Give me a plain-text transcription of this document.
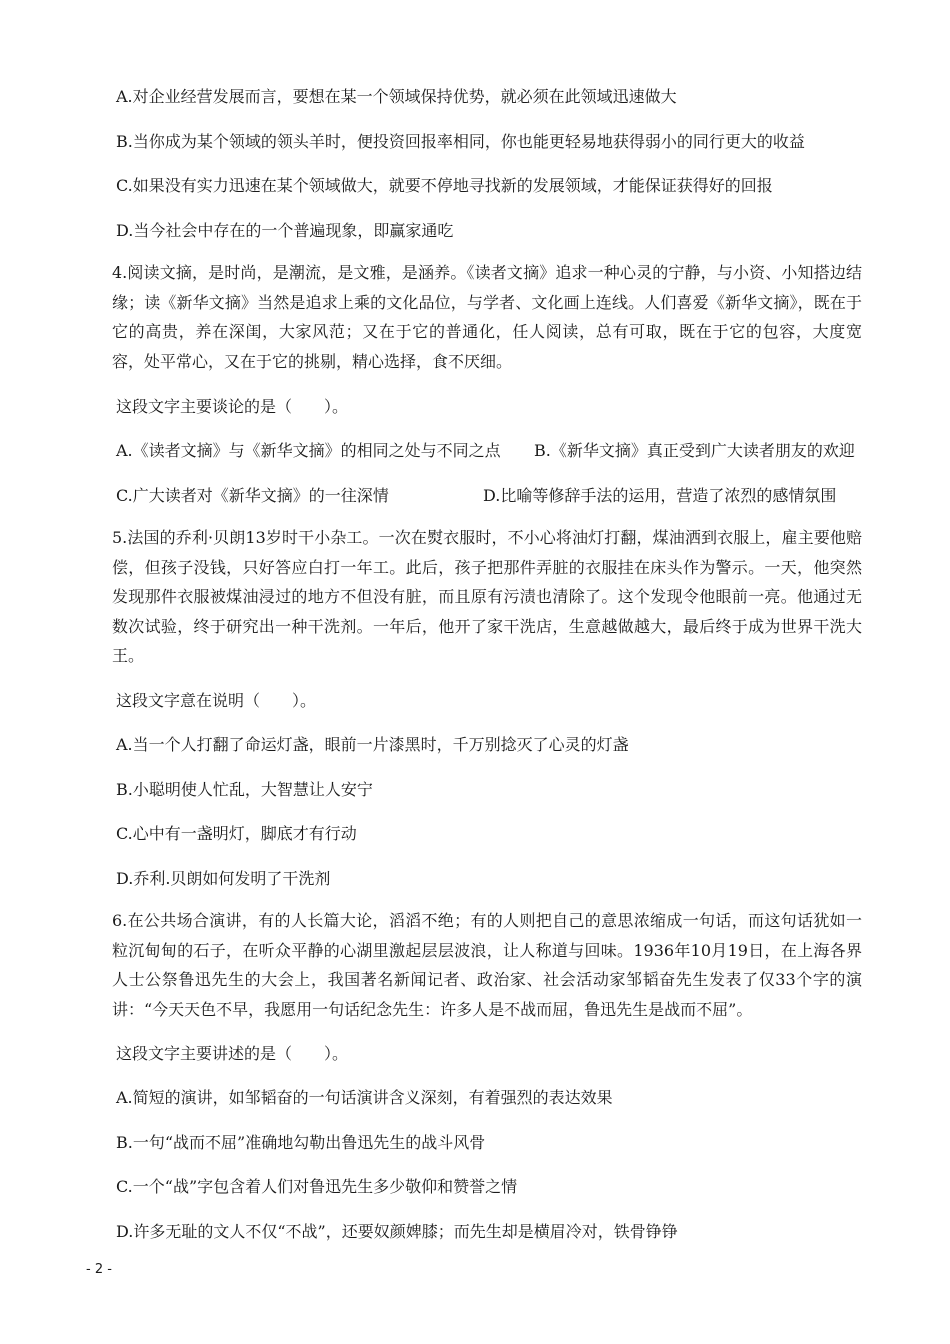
A.对企业经营发展而言，要想在某一个领域保持优势，就必须在此领域迅速做大
B.当你成为某个领域的领头羊时，便投资回报率相同，你也能更轻易地获得弱小的同行更大的收益
C.如果没有实力迅速在某个领域做大，就要不停地寻找新的发展领域，才能保证获得好的回报
D.当今社会中存在的一个普遍现象，即赢家通吃
4.阅读文摘，是时尚，是潮流，是文雅，是涵养。《读者文摘》追求一种心灵的宁静，与小资、小知搭边结缘；读《新华文摘》当然是追求上乘的文化品位，与学者、文化画上连线。人们喜爱《新华文摘》，既在于它的高贵，养在深闺，大家风范；又在于它的普通化，任人阅读，总有可取，既在于它的包容，大度宽容，处平常心，又在于它的挑剔，精心选择，食不厌细。
这段文字主要谈论的是（　　）。
A.《读者文摘》与《新华文摘》的相同之处与不同之点 B.《新华文摘》真正受到广大读者朋友的欢迎
C.广大读者对《新华文摘》的一往深情	D.比喻等修辞手法的运用，营造了浓烈的感情氛围
5.法国的乔利·贝朗13岁时干小杂工。一次在熨衣服时，不小心将油灯打翻，煤油洒到衣服上，雇主要他赔偿，但孩子没钱，只好答应白打一年工。此后，孩子把那件弄脏的衣服挂在床头作为警示。一天，他突然发现那件衣服被煤油浸过的地方不但没有脏，而且原有污渍也清除了。这个发现令他眼前一亮。他通过无数次试验，终于研究出一种干洗剂。一年后，他开了家干洗店，生意越做越大，最后终于成为世界干洗大王。
这段文字意在说明（　　）。
A.当一个人打翻了命运灯盏，眼前一片漆黑时，千万别捻灭了心灵的灯盏
B.小聪明使人忙乱，大智慧让人安宁
C.心中有一盏明灯，脚底才有行动
D.乔利.贝朗如何发明了干洗剂
6.在公共场合演讲，有的人长篇大论，滔滔不绝；有的人则把自己的意思浓缩成一句话，而这句话犹如一粒沉甸甸的石子，在听众平静的心湖里激起层层波浪，让人称道与回味。1936年10月19日，在上海各界人士公祭鲁迅先生的大会上，我国著名新闻记者、政治家、社会活动家邹韬奋先生发表了仅33个字的演讲：“今天天色不早，我愿用一句话纪念先生：许多人是不战而屈，鲁迅先生是战而不屈”。
这段文字主要讲述的是（　　）。
A.简短的演讲，如邹韬奋的一句话演讲含义深刻，有着强烈的表达效果
B.一句“战而不屈”准确地勾勒出鲁迅先生的战斗风骨
C.一个“战”字包含着人们对鲁迅先生多少敬仰和赞誉之情
D.许多无耻的文人不仅“不战”，还要奴颜婢膝；而先生却是横眉冷对，铁骨铮铮
- 2 -
